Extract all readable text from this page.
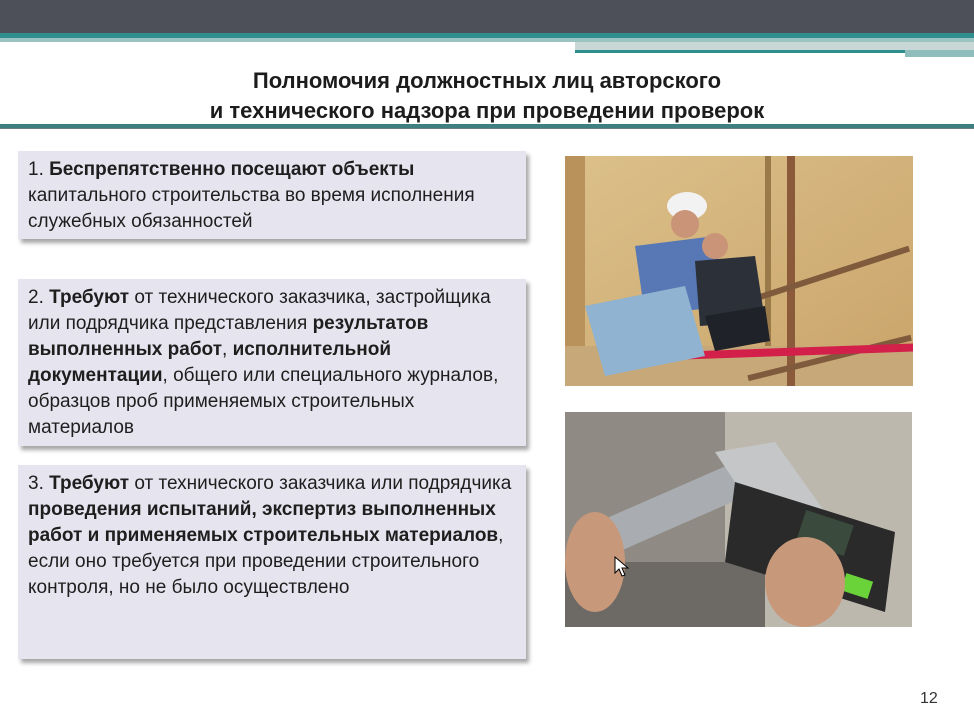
Полномочия должностных лиц авторского
и технического надзора при проведении проверок
1. Беспрепятственно посещают объекты капитального строительства во время исполнения служебных обязанностей
2. Требуют от технического заказчика, застройщика или подрядчика представления результатов выполненных работ, исполнительной документации, общего или специального журналов, образцов проб применяемых строительных материалов
3. Требуют от технического заказчика или подрядчика проведения испытаний, экспертиз выполненных работ и применяемых строительных материалов, если оно требуется при проведении строительного контроля, но не было осуществлено
12
